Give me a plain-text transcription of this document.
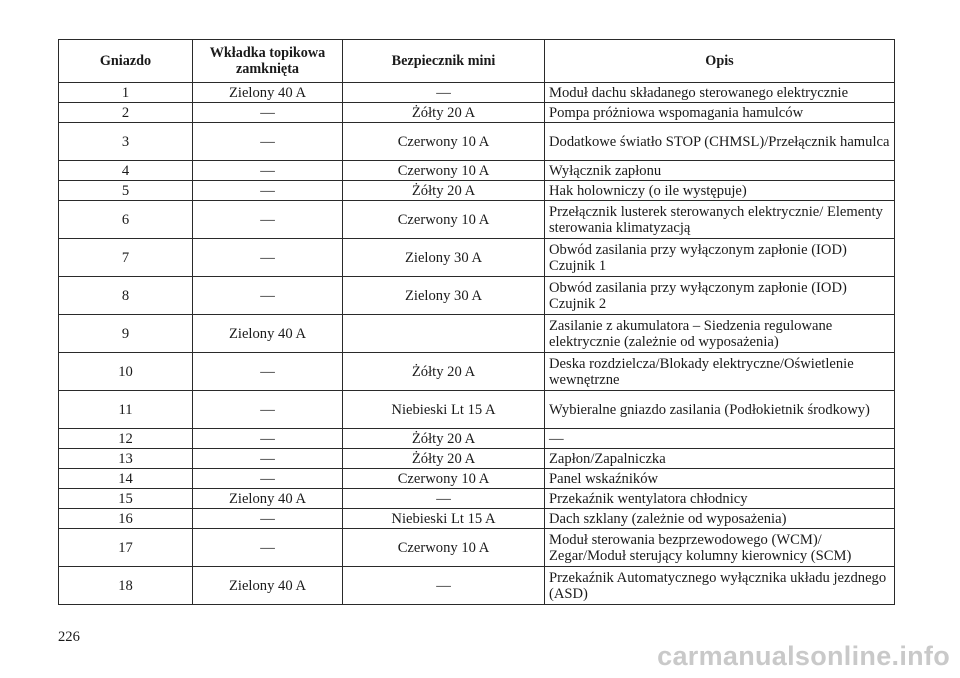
Gniazdo	Wkładka topikowa zamknięta	Bezpiecznik mini	Opis
1	Zielony 40 A	—	Moduł dachu składanego sterowanego elektrycznie
2	—	Żółty 20 A	Pompa próżniowa wspomagania hamulców
3	—	Czerwony 10 A	Dodatkowe światło STOP (CHMSL)/Przełącznik hamulca
4	—	Czerwony 10 A	Wyłącznik zapłonu
5	—	Żółty 20 A	Hak holowniczy (o ile występuje)
6	—	Czerwony 10 A	Przełącznik lusterek sterowanych elektrycznie/ Elementy sterowania klimatyzacją
7	—	Zielony 30 A	Obwód zasilania przy wyłączonym zapłonie (IOD) Czujnik 1
8	—	Zielony 30 A	Obwód zasilania przy wyłączonym zapłonie (IOD) Czujnik 2
9	Zielony 40 A		Zasilanie z akumulatora – Siedzenia regulowane elektrycznie (zależnie od wyposażenia)
10	—	Żółty 20 A	Deska rozdzielcza/Blokady elektryczne/Oświetlenie wewnętrzne
11	—	Niebieski Lt 15 A	Wybieralne gniazdo zasilania (Podłokietnik środkowy)
12	—	Żółty 20 A	—
13	—	Żółty 20 A	Zapłon/Zapalniczka
14	—	Czerwony 10 A	Panel wskaźników
15	Zielony 40 A	—	Przekaźnik wentylatora chłodnicy
16	—	Niebieski Lt 15 A	Dach szklany (zależnie od wyposażenia)
17	—	Czerwony 10 A	Moduł sterowania bezprzewodowego (WCM)/ Zegar/Moduł sterujący kolumny kierownicy (SCM)
18	Zielony 40 A	—	Przekaźnik Automatycznego wyłącznika układu jezdnego (ASD)
226
carmanualsonline.info
